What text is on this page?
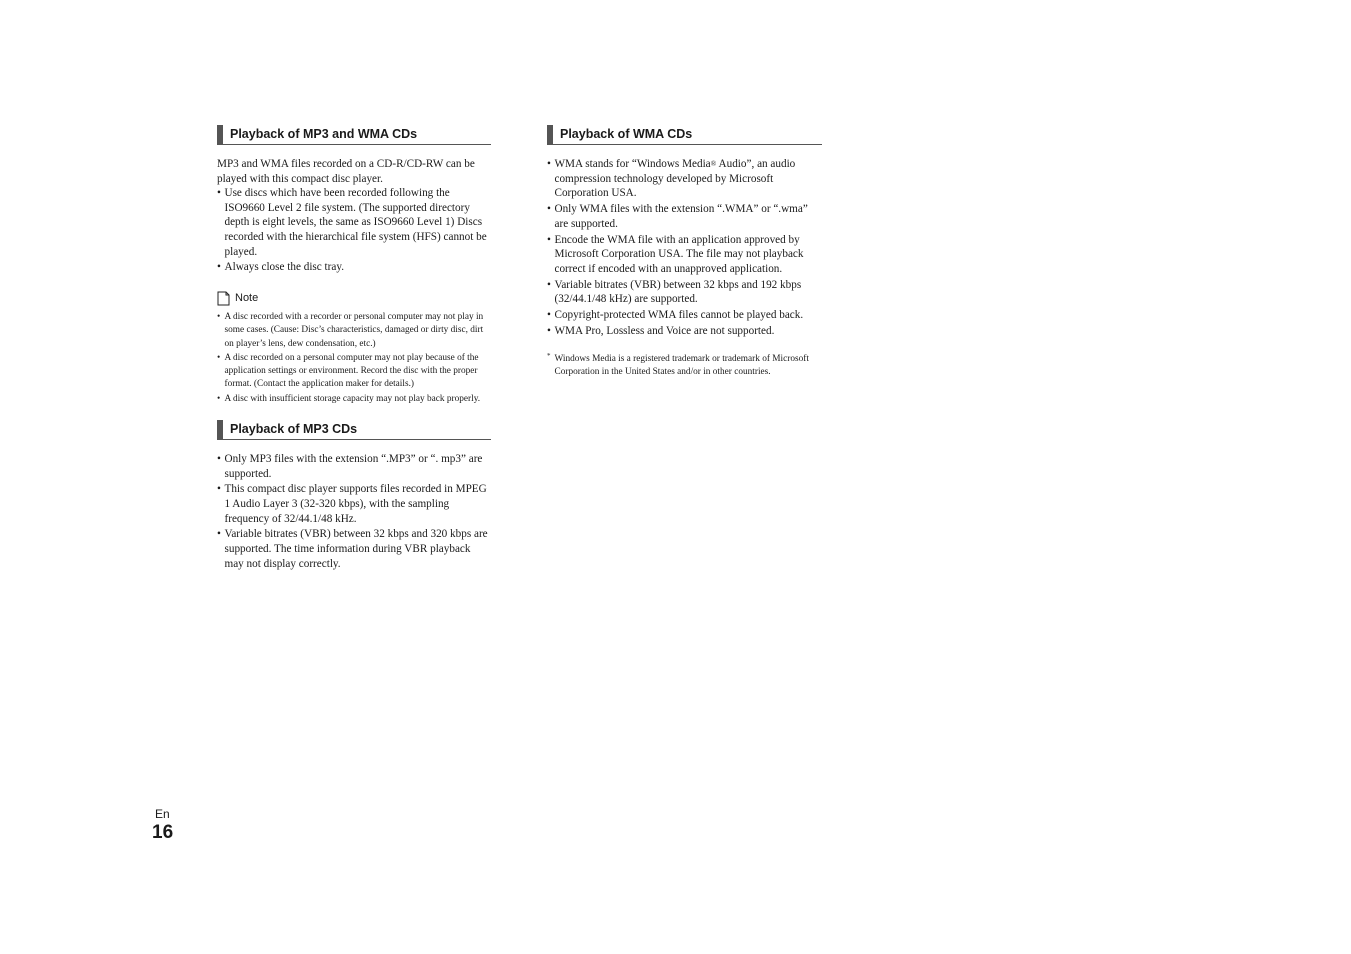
Playback of MP3 and WMA CDs

MP3 and WMA files recorded on a CD-R/CD-RW can be played with this compact disc player.

• Use discs which have been recorded following the ISO9660 Level 2 file system. (The supported directory depth is eight levels, the same as ISO9660 Level 1) Discs recorded with the hierarchical file system (HFS) cannot be played.
• Always close the disc tray.
Note
• A disc recorded with a recorder or personal computer may not play in some cases. (Cause: Disc’s characteristics, damaged or dirty disc, dirt on player’s lens, dew condensation, etc.)
• A disc recorded on a personal computer may not play because of the application settings or environment. Record the disc with the proper format. (Contact the application maker for details.)
• A disc with insufficient storage capacity may not play back properly.
Playback of MP3 CDs
• Only MP3 files with the extension “.MP3” or “. mp3” are supported.
• This compact disc player supports files recorded in MPEG 1 Audio Layer 3 (32-320 kbps), with the sampling frequency of 32/44.1/48 kHz.
• Variable bitrates (VBR) between 32 kbps and 320 kbps are supported. The time information during VBR playback may not display correctly.
Playback of WMA CDs
• WMA stands for “Windows Media® Audio”, an audio compression technology developed by Microsoft Corporation USA.
• Only WMA files with the extension “.WMA” or “.wma” are supported.
• Encode the WMA file with an application approved by Microsoft Corporation USA. The file may not playback correct if encoded with an unapproved application.
• Variable bitrates (VBR) between 32 kbps and 192 kbps (32/44.1/48 kHz) are supported.
• Copyright-protected WMA files cannot be played back.
• WMA Pro, Lossless and Voice are not supported.
* Windows Media is a registered trademark or trademark of Microsoft Corporation in the United States and/or in other countries.
En
16
